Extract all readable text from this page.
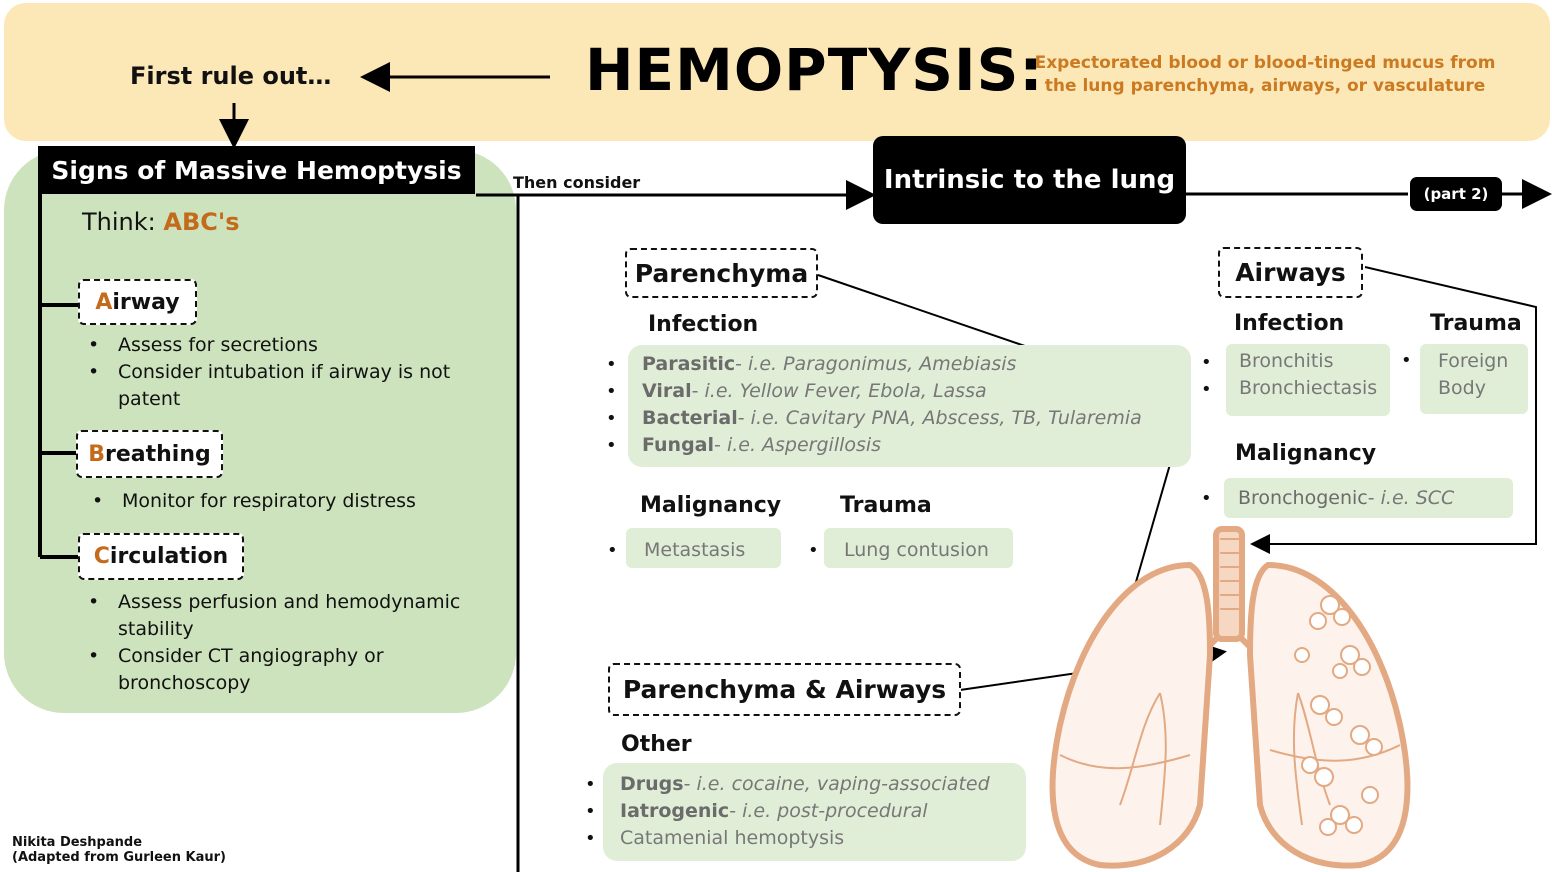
First rule out…	HEMOPTYSIS:
Expectorated blood or blood-tinged mucus from the lung parenchyma, airways, or vasculature
Signs of Massive Hemoptysis
Think: ABC's
A irway
• Assess for secretions
• Consider intubation if airway is not patent
B reathing
• Monitor for respiratory distress
C irculation
• Assess perfusion and hemodynamic stability
• Consider CT angiography or bronchoscopy
Then consider	Intrinsic to the lung	(part 2)
Parenchyma
Infection
Parasitic- i.e. Paragonimus, Amebiasis
Viral- i.e. Yellow Fever, Ebola, Lassa
Bacterial- i.e. Cavitary PNA, Abscess, TB, Tularemia
Fungal- i.e. Aspergillosis
•
•
•
•
Malignancy
Metastasis
•
Trauma
Lung contusion
•
Airways
Infection
Bronchitis
Bronchiectasis
•
•
Trauma
Foreign Body
•
Malignancy
Bronchogenic- i.e. SCC
•
Parenchyma & Airways
Other
Drugs- i.e. cocaine, vaping-associated
Iatrogenic- i.e. post-procedural
Catamenial hemoptysis
•
•
•
Nikita Deshpande
(Adapted from Gurleen Kaur)
